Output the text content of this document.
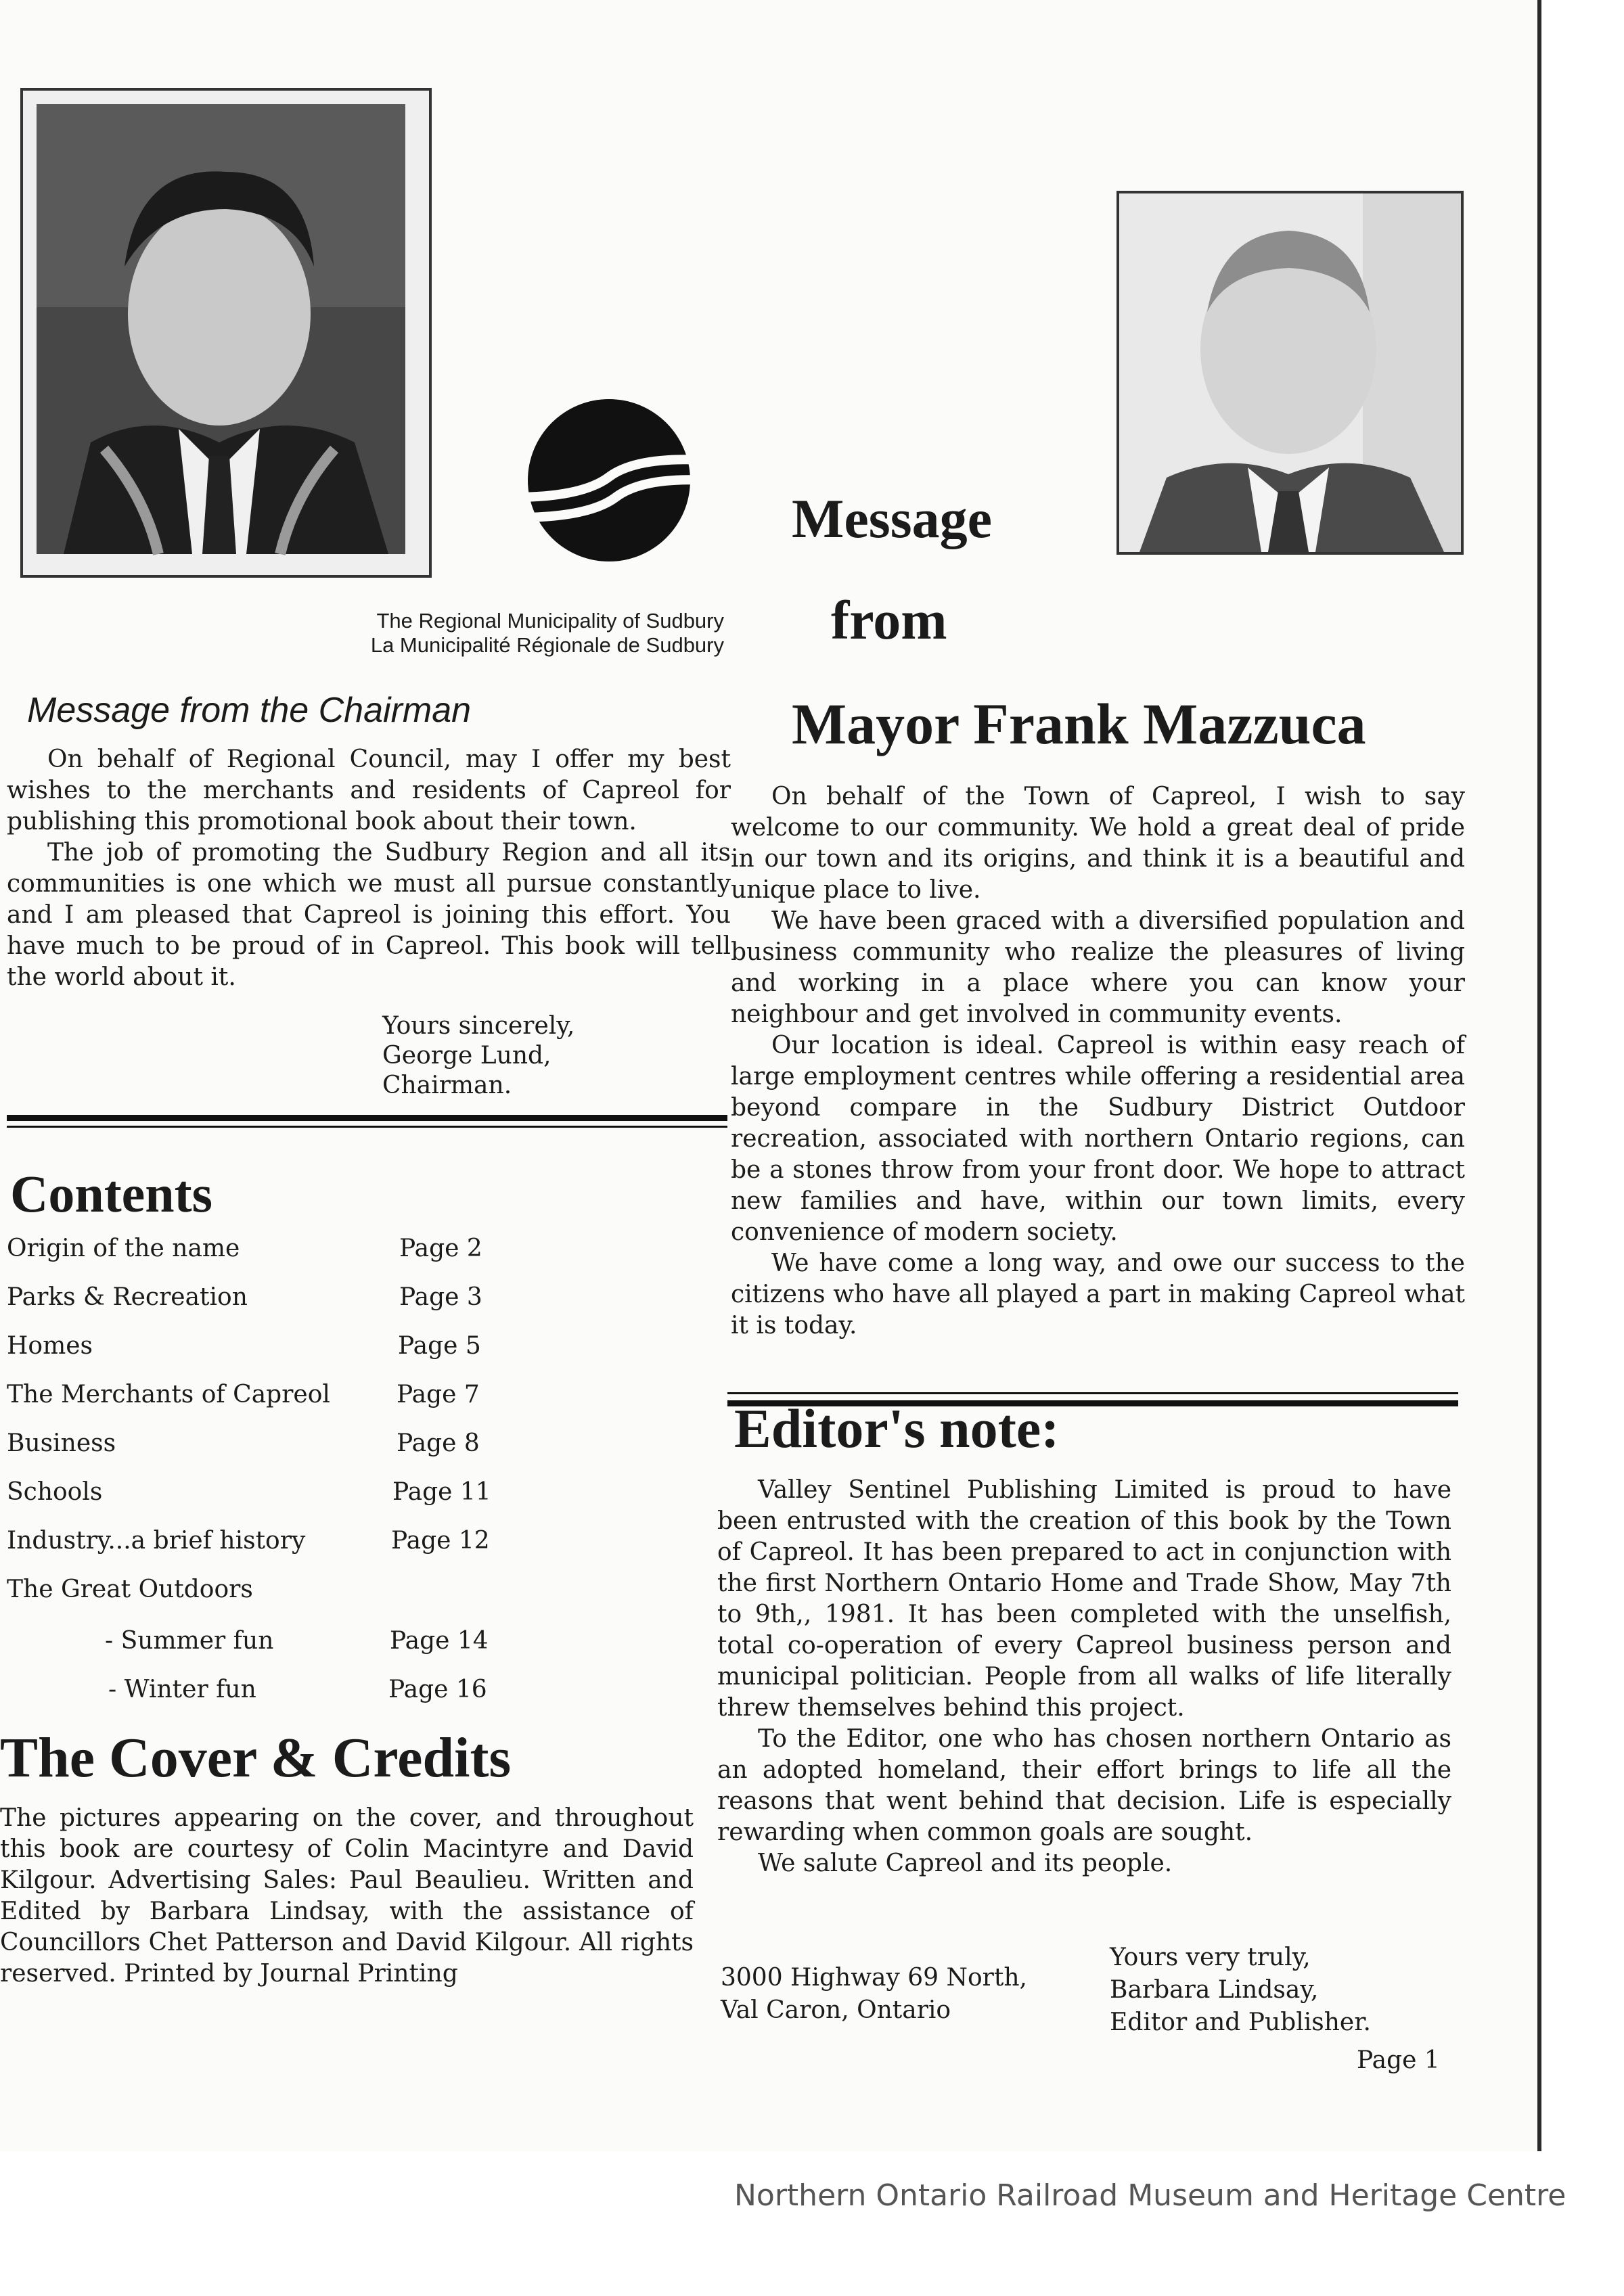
The Regional Municipality of Sudbury
La Municipalité Régionale de Sudbury
Message from the Chairman

On behalf of Regional Council, may I offer my best wishes to the merchants and residents of Capreol for publishing this promotional book about their town.

The job of promoting the Sudbury Region and all its communities is one which we must all pursue constantly and I am pleased that Capreol is joining this effort. You have much to be proud of in Capreol. This book will tell the world about it.

Yours sincerely,
George Lund,
Chairman.
Contents
Origin of the name	Page 2
Parks & Recreation	Page 3
Homes	Page 5
The Merchants of Capreol	Page 7
Business	Page 8
Schools	Page 11
Industry...a brief history	Page 12
The Great Outdoors
- Summer fun	Page 14
- Winter fun	Page 16
The Cover & Credits
The pictures appearing on the cover, and throughout this book are courtesy of Colin Macintyre and David Kilgour. Advertising Sales: Paul Beaulieu. Written and Edited by Barbara Lindsay, with the assistance of Councillors Chet Patterson and David Kilgour. All rights reserved. Printed by Journal Printing
Message
from
Mayor Frank Mazzuca

On behalf of the Town of Capreol, I wish to say welcome to our community. We hold a great deal of pride in our town and its origins, and think it is a beautiful and unique place to live.

We have been graced with a diversified population and business community who realize the pleasures of living and working in a place where you can know your neighbour and get involved in community events.

Our location is ideal. Capreol is within easy reach of large employment centres while offering a residential area beyond compare in the Sudbury District Outdoor recreation, associated with northern Ontario regions, can be a stones throw from your front door. We hope to attract new families and have, within our town limits, every convenience of modern society.

We have come a long way, and owe our success to the citizens who have all played a part in making Capreol what it is today.

Editor's note:

Valley Sentinel Publishing Limited is proud to have been entrusted with the creation of this book by the Town of Capreol. It has been prepared to act in conjunction with the first Northern Ontario Home and Trade Show, May 7th to 9th,, 1981. It has been completed with the unselfish, total co-operation of every Capreol business person and municipal politician. People from all walks of life literally threw themselves behind this project.

To the Editor, one who has chosen northern Ontario as an adopted homeland, their effort brings to life all the reasons that went behind that decision. Life is especially rewarding when common goals are sought.

We salute Capreol and its people.

3000 Highway 69 North,
Val Caron, Ontario
Yours very truly,
Barbara Lindsay,
Editor and Publisher.
Page 1
Northern Ontario Railroad Museum and Heritage Centre
